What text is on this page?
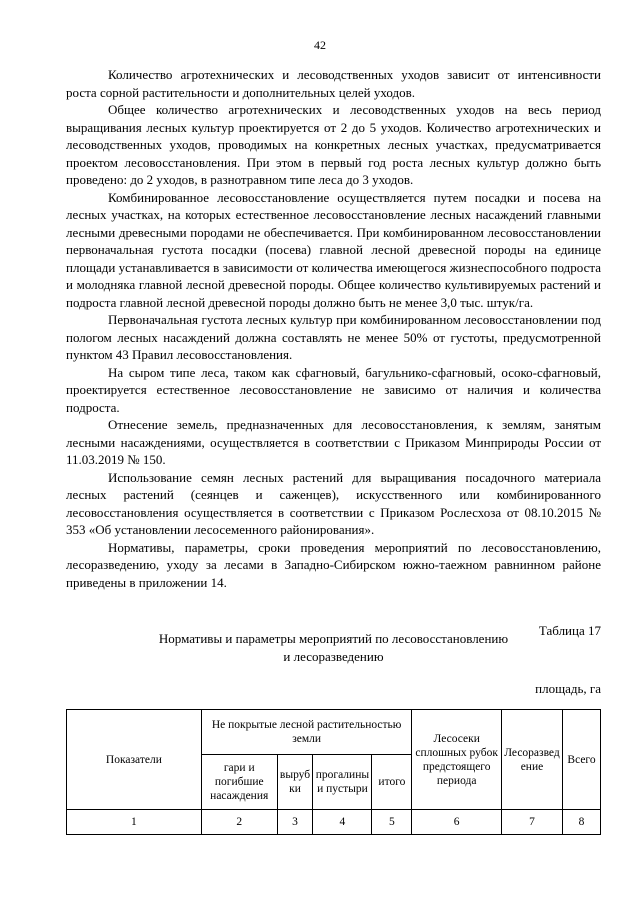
42

Количество агротехнических и лесоводственных уходов зависит от интенсивности роста сорной растительности и дополнительных целей уходов.

Общее количество агротехнических и лесоводственных уходов на весь период выращивания лесных культур проектируется от 2 до 5 уходов. Количество агротехнических и лесоводственных уходов, проводимых на конкретных лесных участках, предусматривается проектом лесовосстановления. При этом в первый год роста лесных культур должно быть проведено: до 2 уходов, в разнотравном типе леса до 3 уходов.

Комбинированное лесовосстановление осуществляется путем посадки и посева на лесных участках, на которых естественное лесовосстановление лесных насаждений главными лесными древесными породами не обеспечивается. При комбинированном лесовосстановлении первоначальная густота посадки (посева) главной лесной древесной породы на единице площади устанавливается в зависимости от количества имеющегося жизнеспособного подроста и молодняка главной лесной древесной породы. Общее количество культивируемых растений и подроста главной лесной древесной породы должно быть не менее 3,0 тыс. штук/га.

Первоначальная густота лесных культур при комбинированном лесовосстановлении под пологом лесных насаждений должна составлять не менее 50% от густоты, предусмотренной пунктом 43 Правил лесовосстановления.

На сыром типе леса, таком как сфагновый, багульнико-сфагновый, осоко-сфагновый, проектируется естественное лесовосстановление не зависимо от наличия и количества подроста.

Отнесение земель, предназначенных для лесовосстановления, к землям, занятым лесными насаждениями, осуществляется в соответствии с Приказом Минприроды России от 11.03.2019 № 150.

Использование семян лесных растений для выращивания посадочного материала лесных растений (сеянцев и саженцев), искусственного или комбинированного лесовосстановления осуществляется в соответствии с Приказом Рослесхоза от 08.10.2015 № 353 «Об установлении лесосеменного районирования».

Нормативы, параметры, сроки проведения мероприятий по лесовосстановлению, лесоразведению, уходу за лесами в Западно-Сибирском южно-таежном равнинном районе приведены в приложении 14.

Таблица 17
Нормативы и параметры мероприятий по лесовосстановлению
и лесоразведению
площадь, га
Показатели	Не покрытые лесной растительностью земли				Лесосеки сплошных рубок предстоящего периода	Лесоразведение	Всего
	гари и погибшие насаждения	вырубки	прогалины и пустыри	итого			
1	2	3	4	5	6	7	8
